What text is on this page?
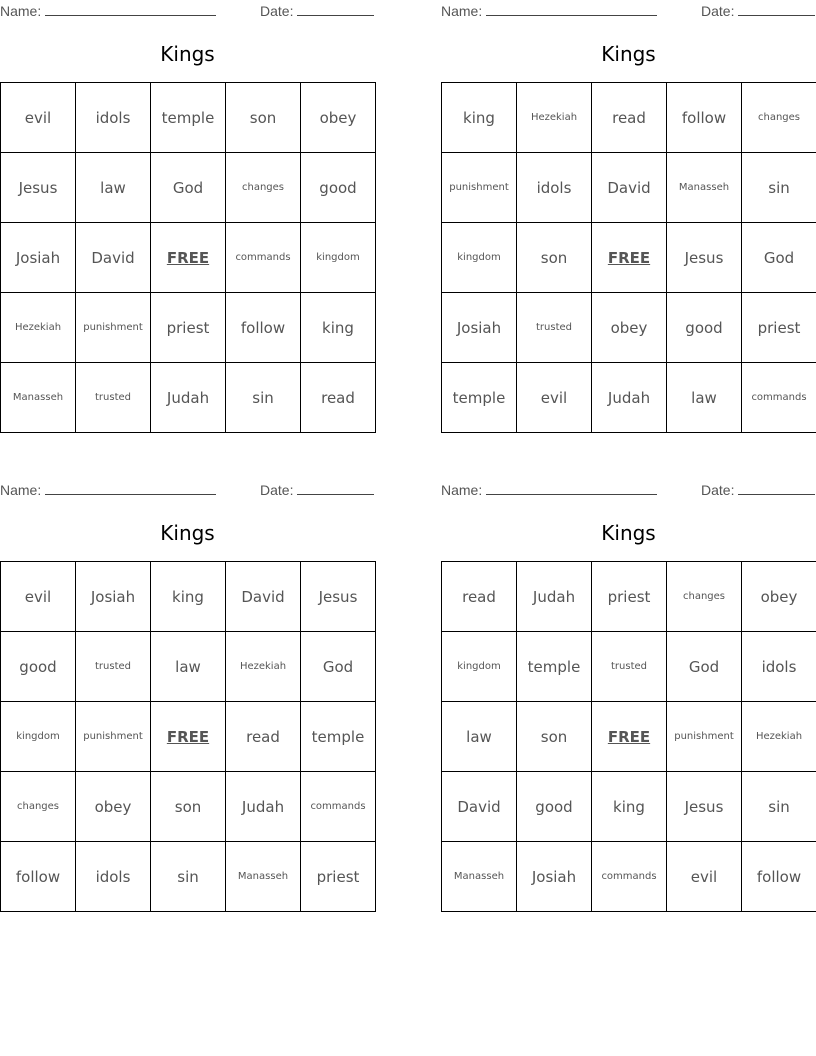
Name:	Date:
Kings
evil	idols	temple	son	obey
Jesus	law	God	changes	good
Josiah	David	FREE	commands	kingdom
Hezekiah	punishment	priest	follow	king
Manasseh	trusted	Judah	sin	read
Name:	Date:
Kings
king	Hezekiah	read	follow	changes
punishment	idols	David	Manasseh	sin
kingdom	son	FREE	Jesus	God
Josiah	trusted	obey	good	priest
temple	evil	Judah	law	commands
Name:	Date:
Kings
evil	Josiah	king	David	Jesus
good	trusted	law	Hezekiah	God
kingdom	punishment	FREE	read	temple
changes	obey	son	Judah	commands
follow	idols	sin	Manasseh	priest
Name:	Date:
Kings
read	Judah	priest	changes	obey
kingdom	temple	trusted	God	idols
law	son	FREE	punishment	Hezekiah
David	good	king	Jesus	sin
Manasseh	Josiah	commands	evil	follow
